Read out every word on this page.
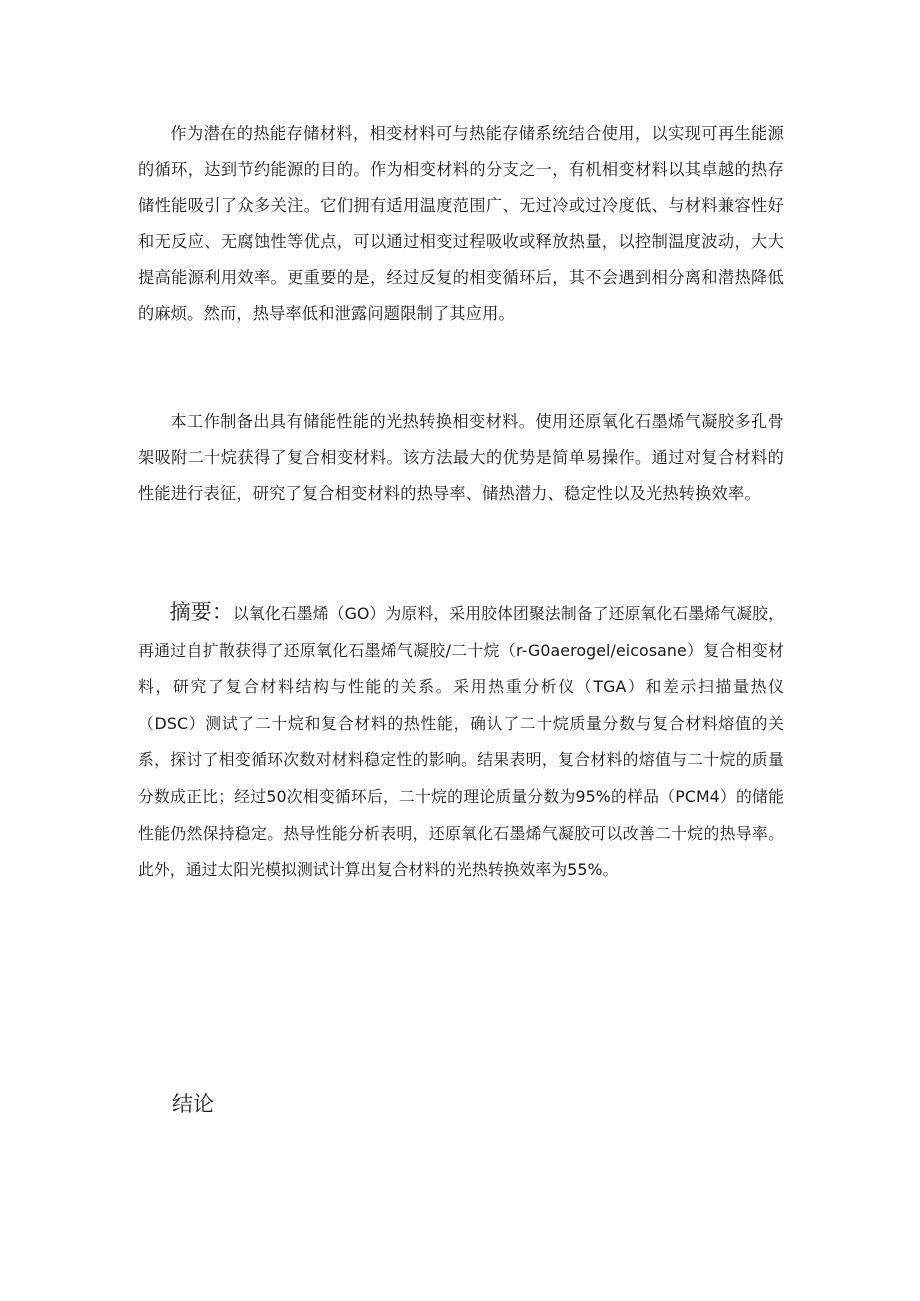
作为潜在的热能存储材料，相变材料可与热能存储系统结合使用，以实现可再生能源的循环，达到节约能源的目的。作为相变材料的分支之一，有机相变材料以其卓越的热存储性能吸引了众多关注。它们拥有适用温度范围广、无过冷或过冷度低、与材料兼容性好和无反应、无腐蚀性等优点，可以通过相变过程吸收或释放热量，以控制温度波动，大大提高能源利用效率。更重要的是，经过反复的相变循环后，其不会遇到相分离和潜热降低的麻烦。然而，热导率低和泄露问题限制了其应用。

本工作制备出具有储能性能的光热转换相变材料。使用还原氧化石墨烯气凝胶多孔骨架吸附二十烷获得了复合相变材料。该方法最大的优势是简单易操作。通过对复合材料的性能进行表征，研究了复合相变材料的热导率、储热潜力、稳定性以及光热转换效率。

摘要：以氧化石墨烯（GO）为原料，采用胶体团聚法制备了还原氧化石墨烯气凝胶，再通过自扩散获得了还原氧化石墨烯气凝胶/二十烷（r-G0aerogel/eicosane）复合相变材料，研究了复合材料结构与性能的关系。采用热重分析仪（TGA）和差示扫描量热仪（DSC）测试了二十烷和复合材料的热性能，确认了二十烷质量分数与复合材料熔值的关系，探讨了相变循环次数对材料稳定性的影响。结果表明，复合材料的熔值与二十烷的质量分数成正比；经过50次相变循环后，二十烷的理论质量分数为95%的样品（PCM4）的储能性能仍然保持稳定。热导性能分析表明，还原氧化石墨烯气凝胶可以改善二十烷的热导率。此外，通过太阳光模拟测试计算出复合材料的光热转换效率为55%。

结论
